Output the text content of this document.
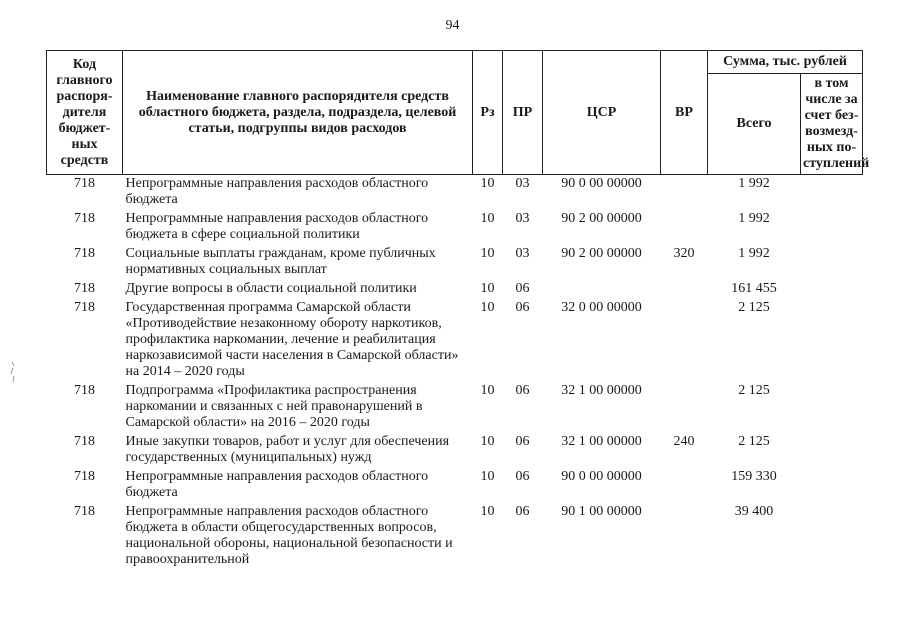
94
Код главного распоря-дителя бюджет-ных средств	Наименование главного распорядителя средств областного бюджета, раздела, подраздела, целевой статьи, подгруппы видов расходов	Рз	ПР	ЦСР	ВР	Сумма, тыс. рублей	
						Всего	в том числе за счет без-возмезд-ных по-ступлений
718	Непрограммные направления расходов областного бюджета	10	03	90 0 00 00000		1 992	
718	Непрограммные направления расходов областного бюджета в сфере социальной политики	10	03	90 2 00 00000		1 992	
718	Социальные выплаты гражданам, кроме публичных нормативных социальных выплат	10	03	90 2 00 00000	320	1 992	
718	Другие вопросы в области социальной политики	10	06			161 455	
718	Государственная программа Самарской области «Противодействие незаконному обороту наркотиков, профилактика наркомании, лечение и реабилитация наркозависимой части населения в Самарской области» на 2014 – 2020 годы	10	06	32 0 00 00000		2 125	
718	Подпрограмма «Профилактика распространения наркомании и связанных с ней правонарушений в Самарской области» на 2016 – 2020 годы	10	06	32 1 00 00000		2 125	
718	Иные закупки товаров, работ и услуг для обеспечения государственных (муниципальных) нужд	10	06	32 1 00 00000	240	2 125	
718	Непрограммные направления расходов областного бюджета	10	06	90 0 00 00000		159 330	
718	Непрограммные направления расходов областного бюджета в области общегосударственных вопросов, национальной обороны, национальной безопасности и правоохранительной	10	06	90 1 00 00000		39 400	
